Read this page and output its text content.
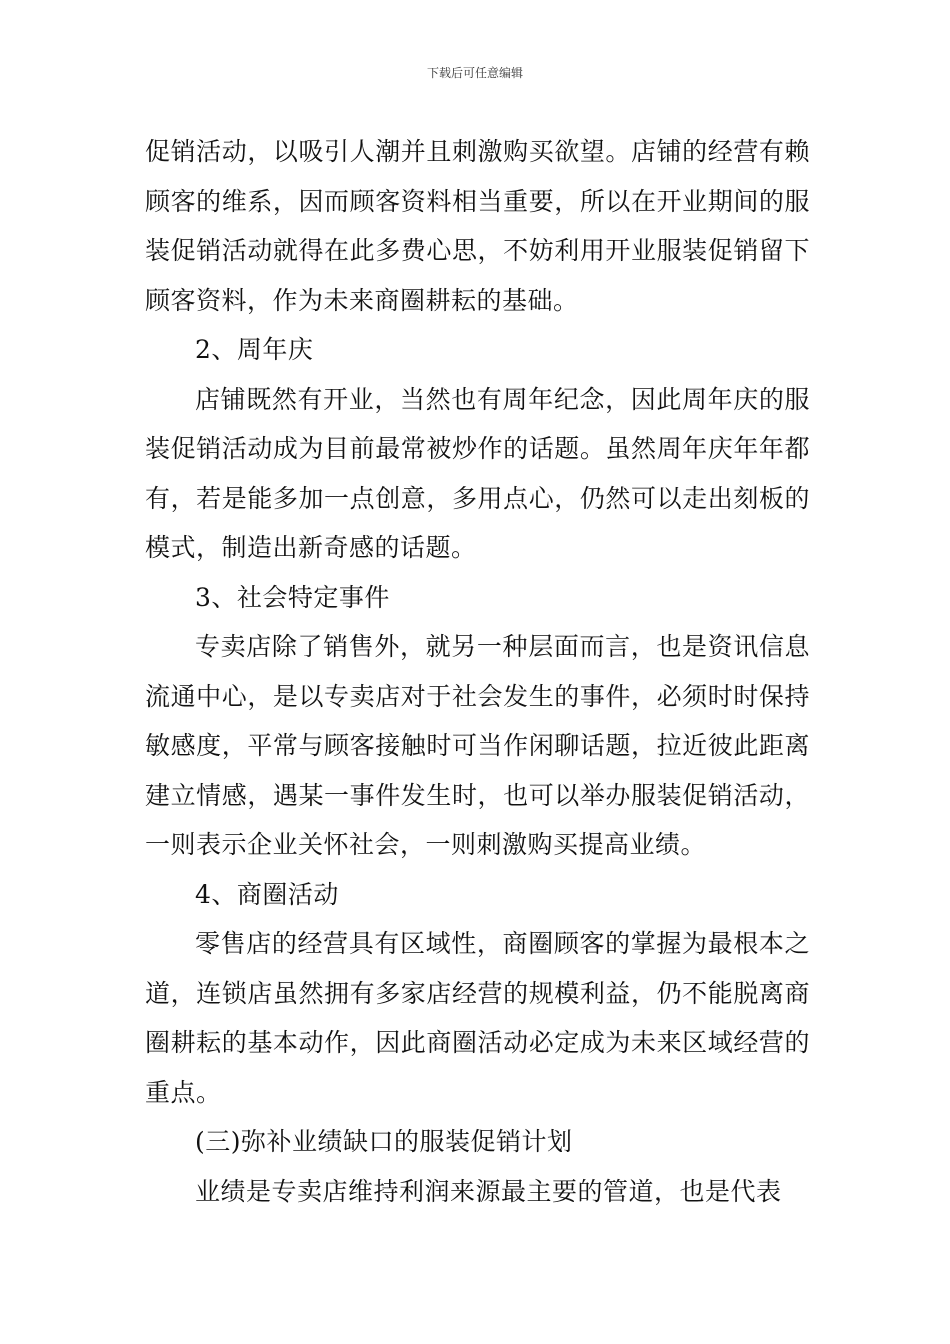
下载后可任意编辑

促销活动，以吸引人潮并且刺激购买欲望。店铺的经营有赖顾客的维系，因而顾客资料相当重要，所以在开业期间的服装促销活动就得在此多费心思，不妨利用开业服装促销留下顾客资料，作为未来商圈耕耘的基础。

2、周年庆

店铺既然有开业，当然也有周年纪念，因此周年庆的服装促销活动成为目前最常被炒作的话题。虽然周年庆年年都有，若是能多加一点创意，多用点心，仍然可以走出刻板的模式，制造出新奇感的话题。

3、社会特定事件

专卖店除了销售外，就另一种层面而言，也是资讯信息流通中心，是以专卖店对于社会发生的事件，必须时时保持敏感度，平常与顾客接触时可当作闲聊话题，拉近彼此距离建立情感，遇某一事件发生时，也可以举办服装促销活动，一则表示企业关怀社会，一则刺激购买提高业绩。

4、商圈活动

零售店的经营具有区域性，商圈顾客的掌握为最根本之道，连锁店虽然拥有多家店经营的规模利益，仍不能脱离商圈耕耘的基本动作，因此商圈活动必定成为未来区域经营的重点。

(三)弥补业绩缺口的服装促销计划

业绩是专卖店维持利润来源最主要的管道，也是代表
